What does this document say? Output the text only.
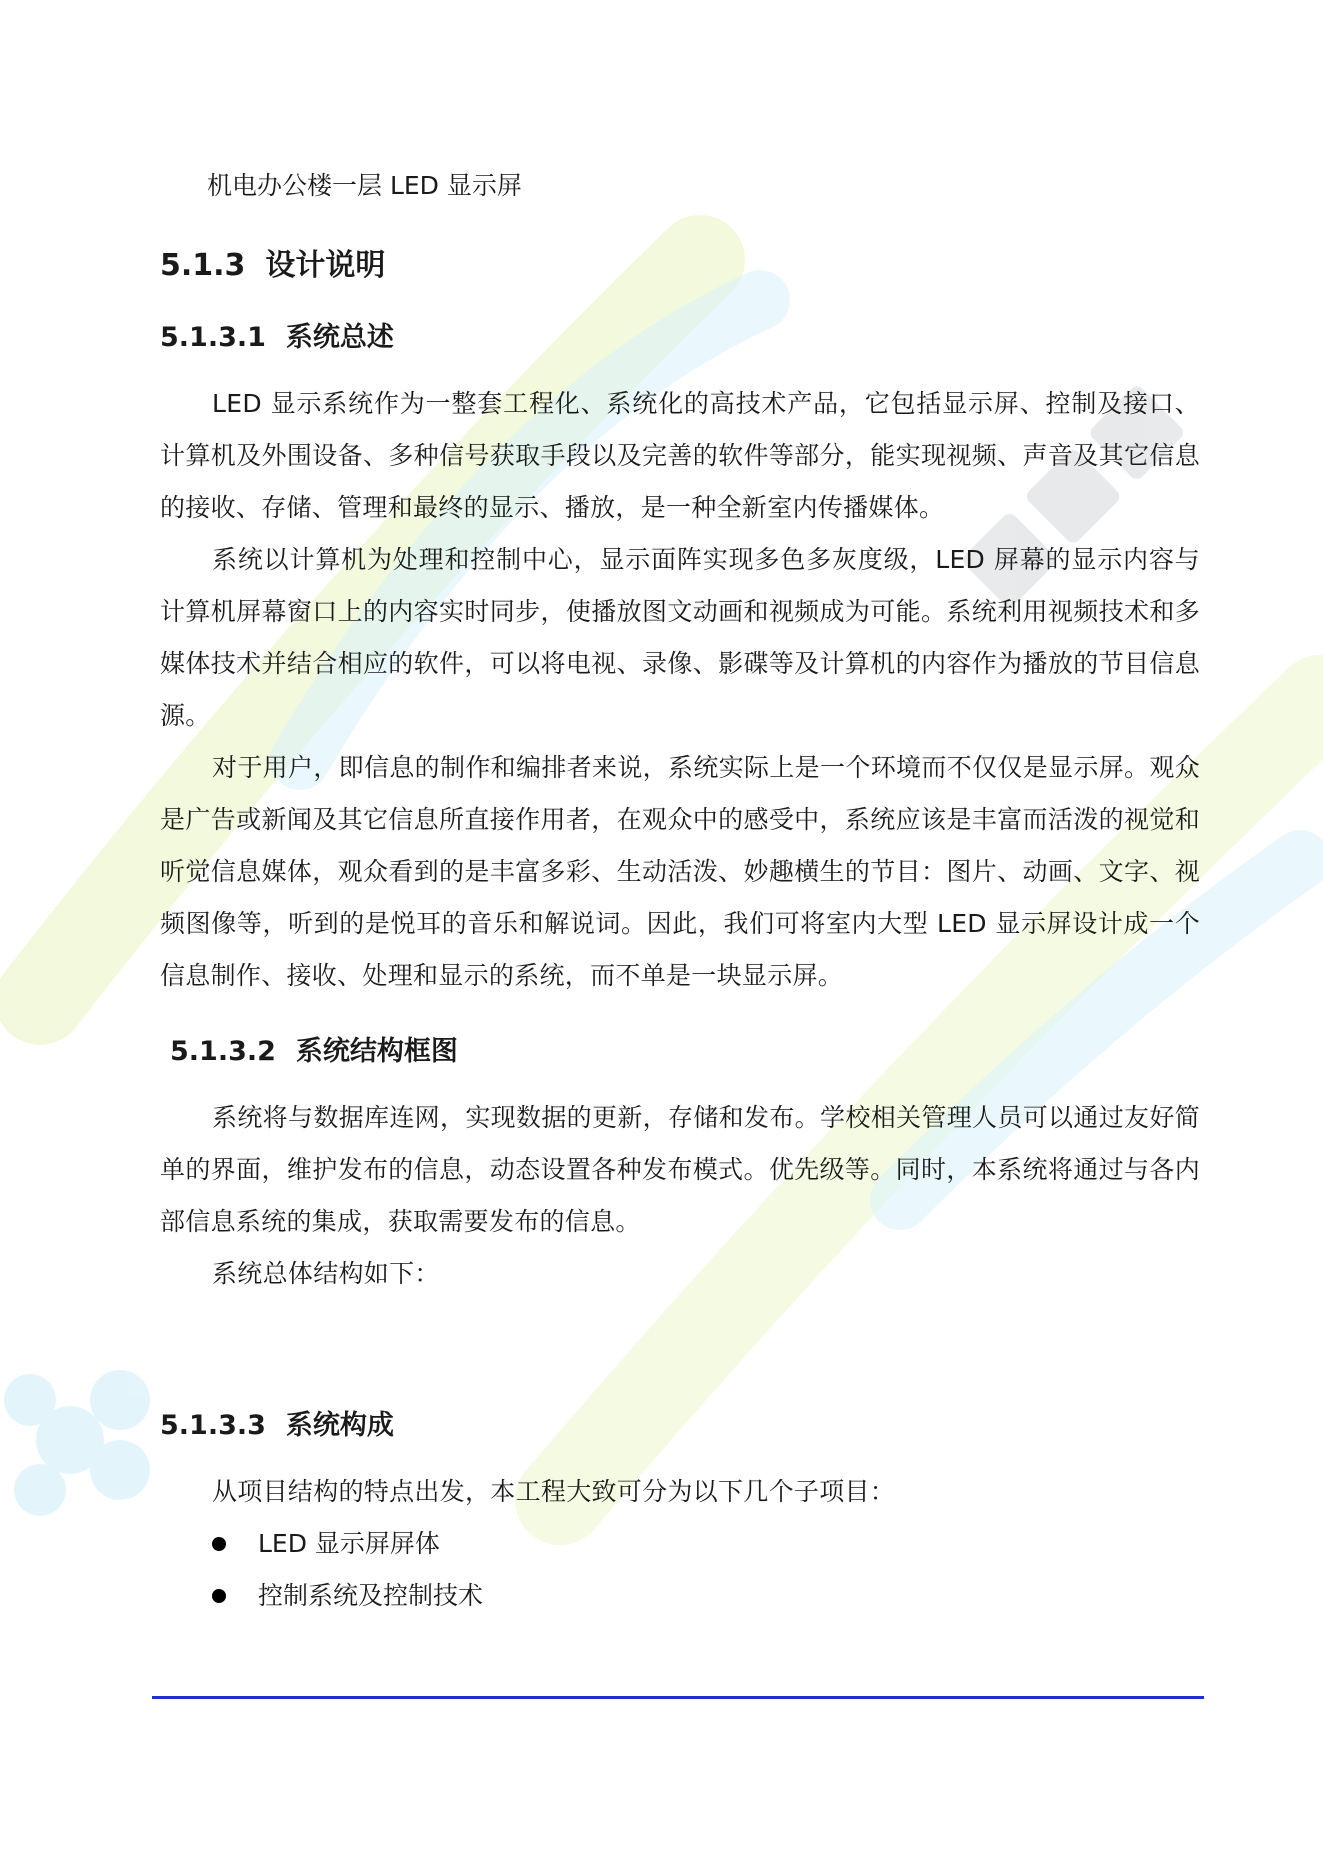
机电办公楼一层 LED 显示屏

5.1.3 设计说明
5.1.3.1 系统总述

LED 显示系统作为一整套工程化、系统化的高技术产品，它包括显示屏、控制及接口、计算机及外围设备、多种信号获取手段以及完善的软件等部分，能实现视频、声音及其它信息的接收、存储、管理和最终的显示、播放，是一种全新室内传播媒体。

系统以计算机为处理和控制中心，显示面阵实现多色多灰度级，LED 屏幕的显示内容与计算机屏幕窗口上的内容实时同步，使播放图文动画和视频成为可能。系统利用视频技术和多媒体技术并结合相应的软件，可以将电视、录像、影碟等及计算机的内容作为播放的节目信息源。

对于用户，即信息的制作和编排者来说，系统实际上是一个环境而不仅仅是显示屏。观众是广告或新闻及其它信息所直接作用者，在观众中的感受中，系统应该是丰富而活泼的视觉和听觉信息媒体，观众看到的是丰富多彩、生动活泼、妙趣横生的节目：图片、动画、文字、视频图像等，听到的是悦耳的音乐和解说词。因此，我们可将室内大型 LED 显示屏设计成一个信息制作、接收、处理和显示的系统，而不单是一块显示屏。

5.1.3.2 系统结构框图

系统将与数据库连网，实现数据的更新，存储和发布。学校相关管理人员可以通过友好简单的界面，维护发布的信息，动态设置各种发布模式。优先级等。同时，本系统将通过与各内部信息系统的集成，获取需要发布的信息。

系统总体结构如下：

5.1.3.3 系统构成

从项目结构的特点出发，本工程大致可分为以下几个子项目：

LED 显示屏屏体
控制系统及控制技术
